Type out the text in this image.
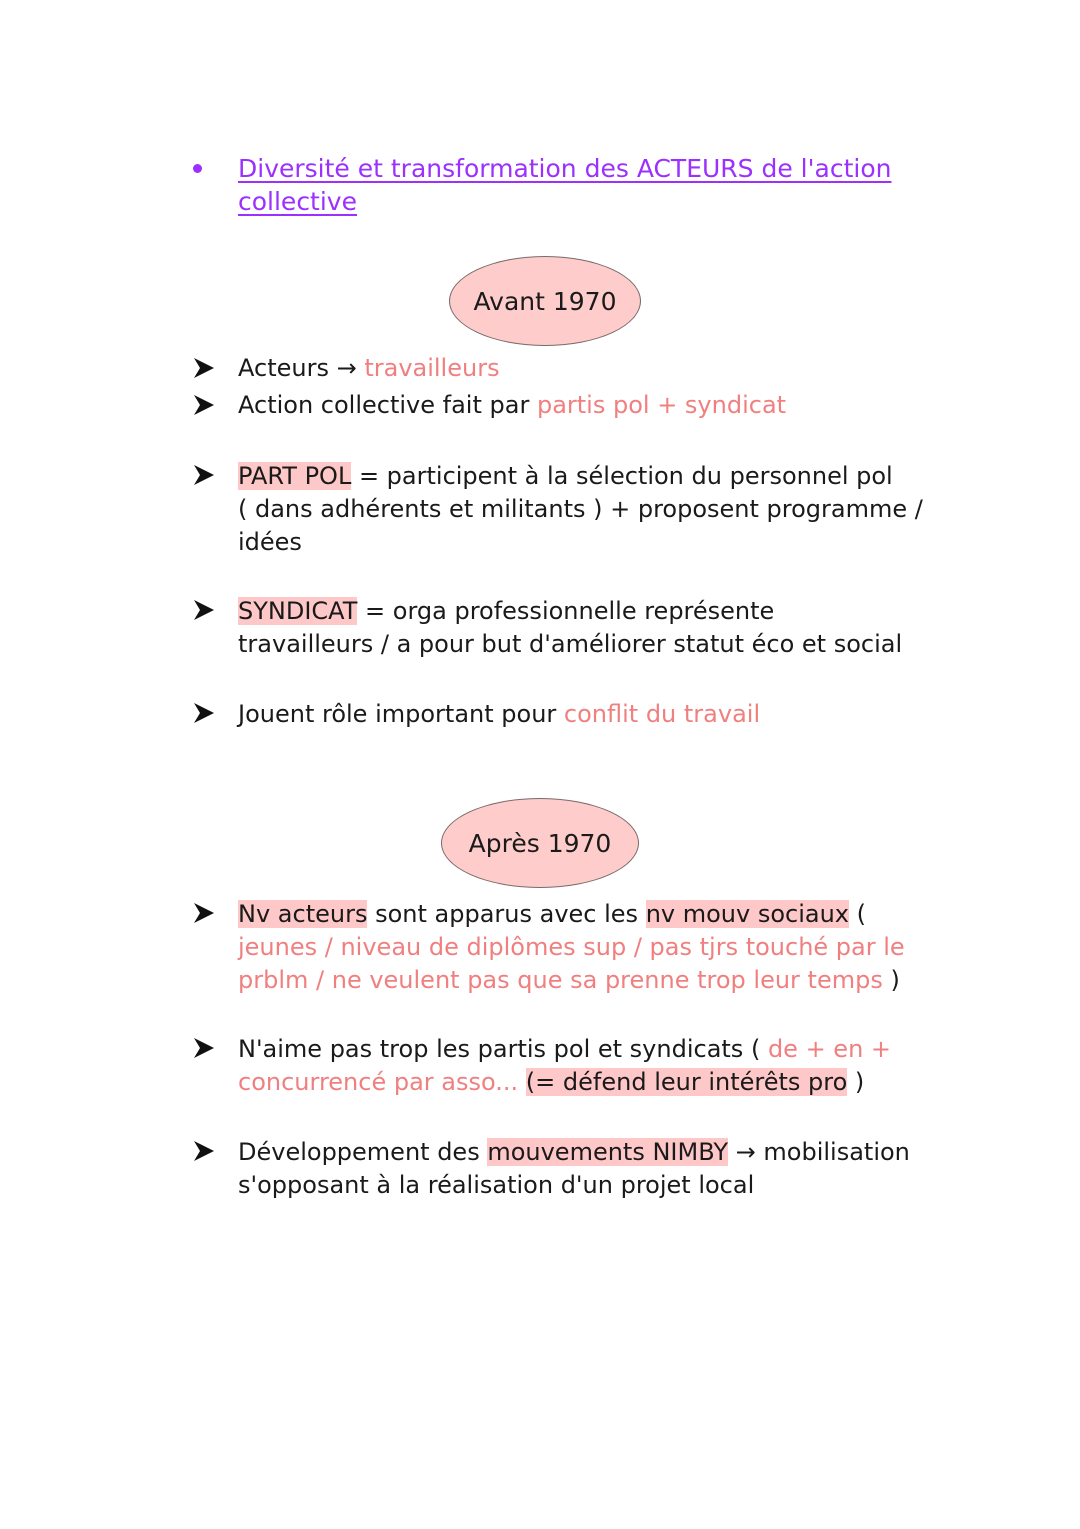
Diversité et transformation des ACTEURS de l'action
collective
Avant 1970
Acteurs → travailleurs
Action collective fait par partis pol + syndicat
PART POL = participent à la sélection du personnel pol
( dans adhérents et militants ) + proposent programme /
idées
SYNDICAT = orga professionnelle représente
travailleurs / a pour but d'améliorer statut éco et social
Jouent rôle important pour conflit du travail
Après 1970
Nv acteurs sont apparus avec les nv mouv sociaux (
jeunes / niveau de diplômes sup / pas tjrs touché par le
prblm / ne veulent pas que sa prenne trop leur temps )
N'aime pas trop les partis pol et syndicats ( de + en +
concurrencé par asso... (= défend leur intérêts pro )
Développement des mouvements NIMBY → mobilisation
s'opposant à la réalisation d'un projet local
